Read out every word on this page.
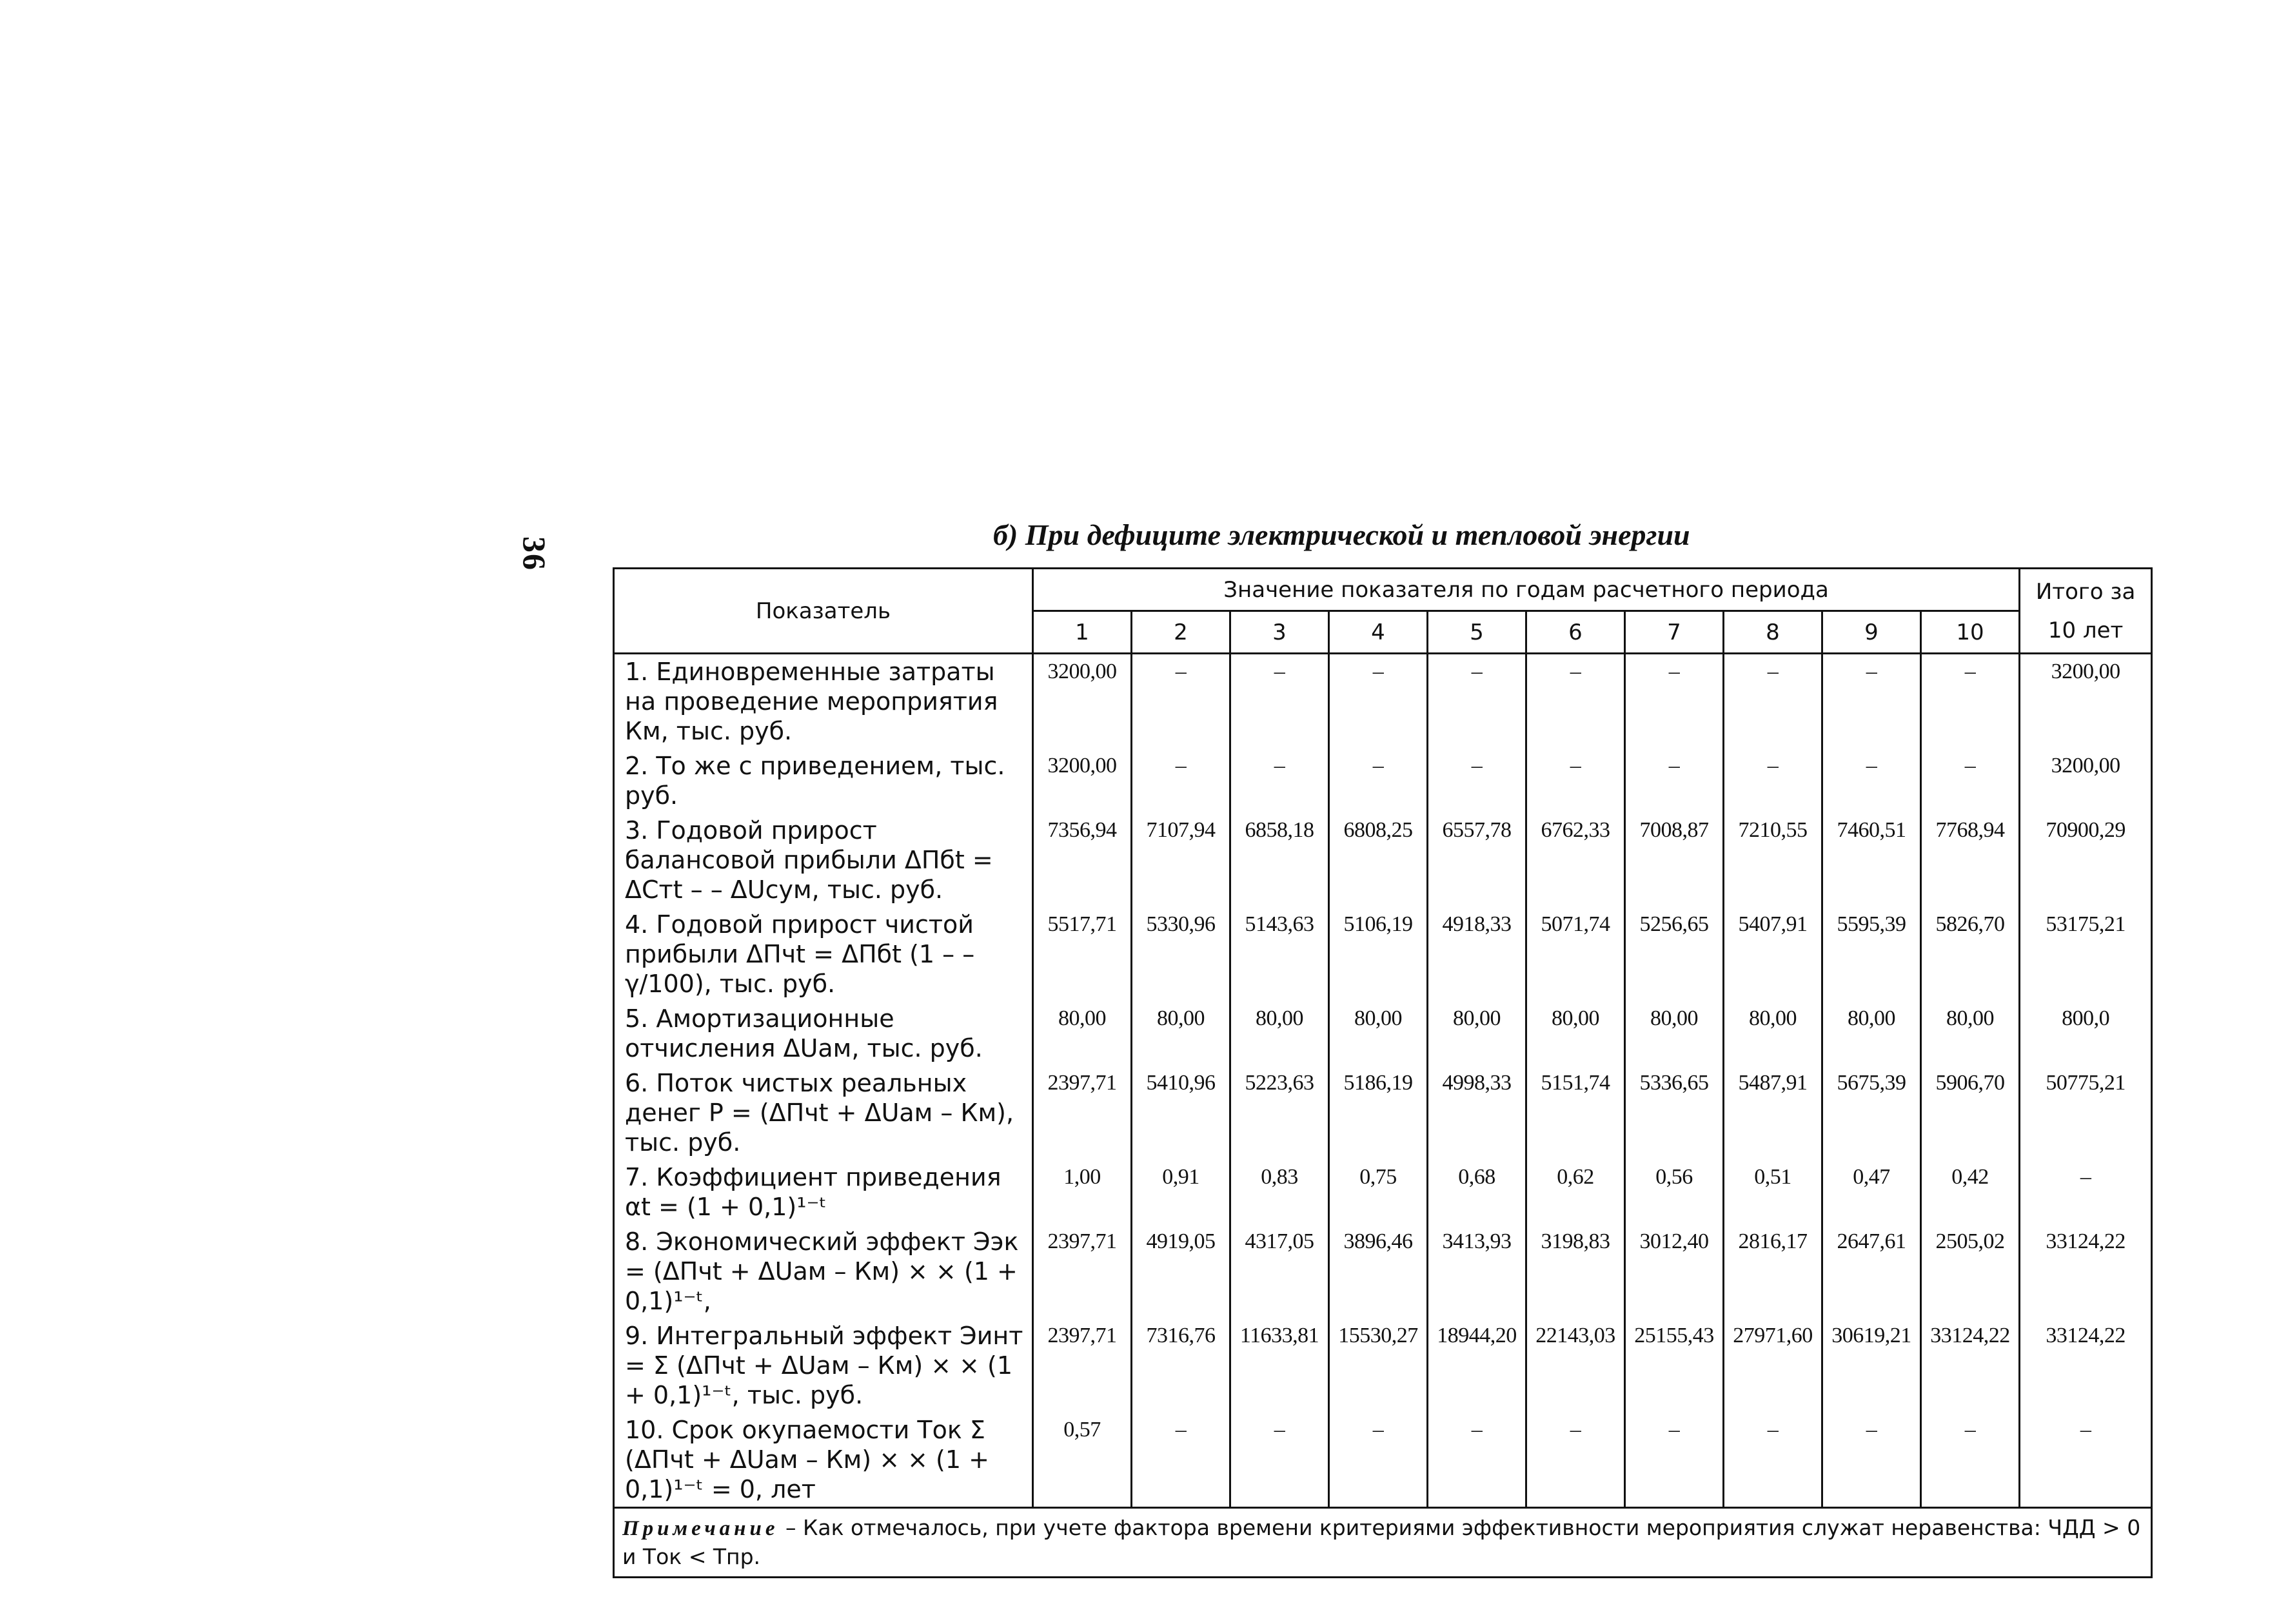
36
б) При дефиците электрической и тепловой энергии
Показатель	Значение показателя по годам расчетного периода										Итого за
10 лет
	1	2	3	4	5	6	7	8	9	10	
1. Единовременные затраты на проведение мероприятия Км, тыс. руб.	3200,00	–	–	–	–	–	–	–	–	–	3200,00
2. То же с приведением, тыс. руб.	3200,00	–	–	–	–	–	–	–	–	–	3200,00
3. Годовой прирост балансовой прибыли ΔПбt = ΔCтt – – ΔUсум, тыс. руб.	7356,94	7107,94	6858,18	6808,25	6557,78	6762,33	7008,87	7210,55	7460,51	7768,94	70900,29
4. Годовой прирост чистой прибыли ΔПчt = ΔПбt (1 – – γ/100), тыс. руб.	5517,71	5330,96	5143,63	5106,19	4918,33	5071,74	5256,65	5407,91	5595,39	5826,70	53175,21
5. Амортизационные отчисления ΔUам, тыс. руб.	80,00	80,00	80,00	80,00	80,00	80,00	80,00	80,00	80,00	80,00	800,0
6. Поток чистых реальных денег P = (ΔПчt + ΔUам – Км), тыс. руб.	2397,71	5410,96	5223,63	5186,19	4998,33	5151,74	5336,65	5487,91	5675,39	5906,70	50775,21
7. Коэффициент приведения αt = (1 + 0,1)¹⁻ᵗ	1,00	0,91	0,83	0,75	0,68	0,62	0,56	0,51	0,47	0,42	–
8. Экономический эффект Ээк = (ΔПчt + ΔUам – Км) × × (1 + 0,1)¹⁻ᵗ,	2397,71	4919,05	4317,05	3896,46	3413,93	3198,83	3012,40	2816,17	2647,61	2505,02	33124,22
9. Интегральный эффект Эинт = Σ (ΔПчt + ΔUам – Км) × × (1 + 0,1)¹⁻ᵗ, тыс. руб.	2397,71	7316,76	11633,81	15530,27	18944,20	22143,03	25155,43	27971,60	30619,21	33124,22	33124,22
10. Срок окупаемости Tок Σ (ΔПчt + ΔUам – Км) × × (1 + 0,1)¹⁻ᵗ = 0, лет	0,57	–	–	–	–	–	–	–	–	–	–
Примечание – Как отмечалось, при учете фактора времени критериями эффективности мероприятия служат неравенства: ЧДД > 0 и Tок < Tпр.											
